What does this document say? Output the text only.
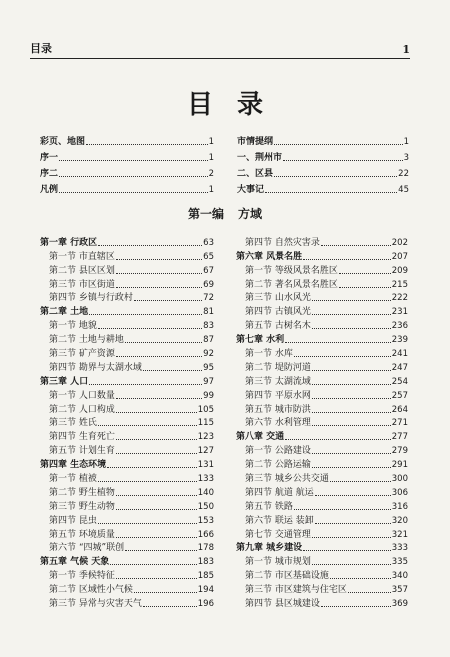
目录	1
目录
彩页、地图	1
序一	1
序二	2
凡例	1
市情提纲	1
一、荆州市	3
二、区县	22
大事记	45
第一编 方域
第一章 行政区	63
第一节 市直辖区	65
第二节 县区区划	67
第三节 市区街道	69
第四节 乡镇与行政村	72
第二章 土地	81
第一节 地貌	83
第二节 土地与耕地	87
第三节 矿产资源	92
第四节 勘界与太湖水域	95
第三章 人口	97
第一节 人口数量	99
第二节 人口构成	105
第三节 姓氏	115
第四节 生育死亡	123
第五节 计划生育	127
第四章 生态环境	131
第一节 植被	133
第二节 野生植物	140
第三节 野生动物	150
第四节 昆虫	153
第五节 环境质量	166
第六节 “四城”联创	178
第五章 气候 天象	183
第一节 季候特征	185
第二节 区域性小气候	194
第三节 异常与灾害天气	196
第四节 自然灾害录	202
第六章 风景名胜	207
第一节 等级风景名胜区	209
第二节 著名风景名胜区	215
第三节 山水风光	222
第四节 古镇风光	231
第五节 古树名木	236
第七章 水利	239
第一节 水库	241
第二节 堤防河道	247
第三节 太湖流域	254
第四节 平原水网	257
第五节 城市防洪	264
第六节 水利管理	271
第八章 交通	277
第一节 公路建设	279
第二节 公路运输	291
第三节 城乡公共交通	300
第四节 航道 航运	306
第五节 铁路	316
第六节 联运 装卸	320
第七节 交通管理	321
第九章 城乡建设	333
第一节 城市规划	335
第二节 市区基础设施	340
第三节 市区建筑与住宅区	357
第四节 县区城建设	369
